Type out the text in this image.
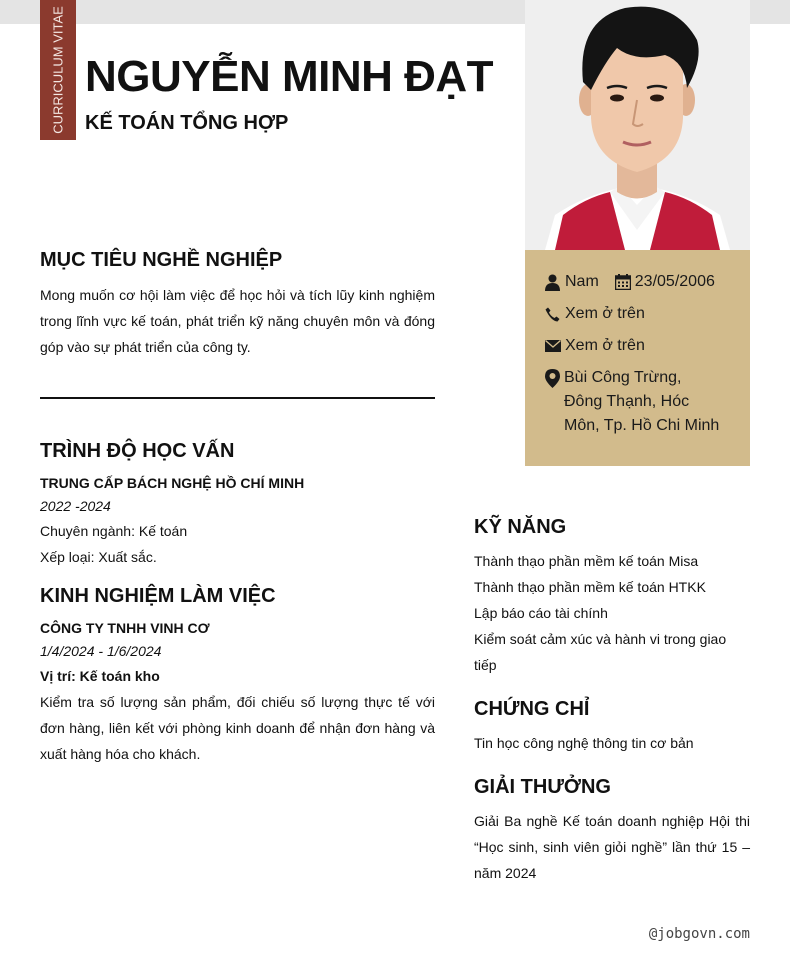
CURRICULUM VITAE NGUYỄN MINH ĐẠT
KẾ TOÁN TỔNG HỢP
Nam 23/05/2006
Xem ở trên
Xem ở trên
Bùi Công Trừng, Đông Thạnh, Hóc Môn, Tp. Hồ Chi Minh
MỤC TIÊU NGHỀ NGHIỆP

Mong muốn cơ hội làm việc để học hỏi và tích lũy kinh nghiệm trong lĩnh vực kế toán, phát triển kỹ năng chuyên môn và đóng góp vào sự phát triển của công ty.

TRÌNH ĐỘ HỌC VẤN

TRUNG CẤP BÁCH NGHỆ HỒ CHÍ MINH

2022 -2024

Chuyên ngành: Kế toán

Xếp loại: Xuất sắc.

KINH NGHIỆM LÀM VIỆC

CÔNG TY TNHH VINH CƠ

1/4/2024 - 1/6/2024

Vị trí: Kế toán kho

Kiểm tra số lượng sản phẩm, đối chiếu số lượng thực tế với đơn hàng, liên kết với phòng kinh doanh để nhận đơn hàng và xuất hàng hóa cho khách.

KỸ NĂNG

Thành thạo phần mềm kế toán Misa

Thành thạo phần mềm kế toán HTKK

Lập báo cáo tài chính

Kiểm soát cảm xúc và hành vi trong giao tiếp

CHỨNG CHỈ

Tin học công nghệ thông tin cơ bản

GIẢI THƯỞNG

Giải Ba nghề Kế toán doanh nghiệp Hội thi “Học sinh, sinh viên giỏi nghề” lần thứ 15 – năm 2024

@jobgovn.com
